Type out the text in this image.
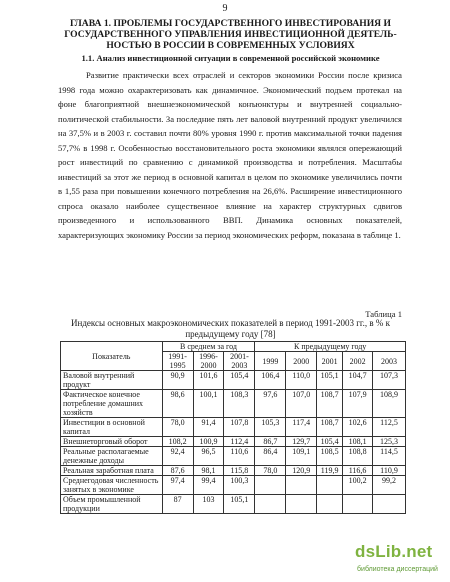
9
ГЛАВА 1. ПРОБЛЕМЫ ГОСУДАРСТВЕННОГО ИНВЕСТИРОВАНИЯ И ГОСУДАРСТВЕННОГО УПРАВЛЕНИЯ ИНВЕСТИЦИОННОЙ ДЕЯТЕЛЬ-НОСТЬЮ В РОССИИ В СОВРЕМЕННЫХ УСЛОВИЯХ
1.1. Анализ инвестиционной ситуации в современной российской экономике

Развитие практически всех отраслей и секторов экономики России после кризиса 1998 года можно охарактеризовать как динамичное. Экономический подъем протекал на фоне благоприятной внешнеэкономической конъюнктуры и внутренней социально-политической стабильности. За последние пять лет валовой внутренний продукт увеличился на 37,5% и в 2003 г. составил почти 80% уровня 1990 г. против максимальной точки падения 57,7% в 1998 г. Особенностью восстановительного роста экономики являлся опережающий рост инвестиций по сравнению с динамикой производства и потребления. Масштабы инвестиций за этот же период в основной капитал в целом по экономике увеличились почти в 1,55 раза при повышении конечного потребления на 26,6%. Расширение инвестиционного спроса оказало наиболее существенное влияние на характер структурных сдвигов произведенного и использованного ВВП. Динамика основных показателей, характеризующих экономику России за период экономических реформ, показана в таблице 1.

Таблица 1
Индексы основных макроэкономических показателей в период 1991-2003 гг., в % к предыдущему году [78]
Показатель	В среднем за год			К предыдущему году				
	1991-1995	1996-2000	2001-2003	1999	2000	2001	2002	2003
Валовой внутренний продукт	90,9	101,6	105,4	106,4	110,0	105,1	104,7	107,3
Фактическое конечное потребление домашних хозяйств	98,6	100,1	108,3	97,6	107,0	108,7	107,9	108,9
Инвестиции в основной капитал	78,0	91,4	107,8	105,3	117,4	108,7	102,6	112,5
Внешнеторговый оборот	108,2	100,9	112,4	86,7	129,7	105,4	108,1	125,3
Реальные располагаемые денежные доходы	92,4	96,5	110,6	86,4	109,1	108,5	108,8	114,5
Реальная заработная плата	87,6	98,1	115,8	78,0	120,9	119,9	116,6	110,9
Среднегодовая численность занятых в экономике	97,4	99,4	100,3				100,2	99,2
Объем промышленной продукции	87	103	105,1					
dsLib.net
библиотека диссертаций
